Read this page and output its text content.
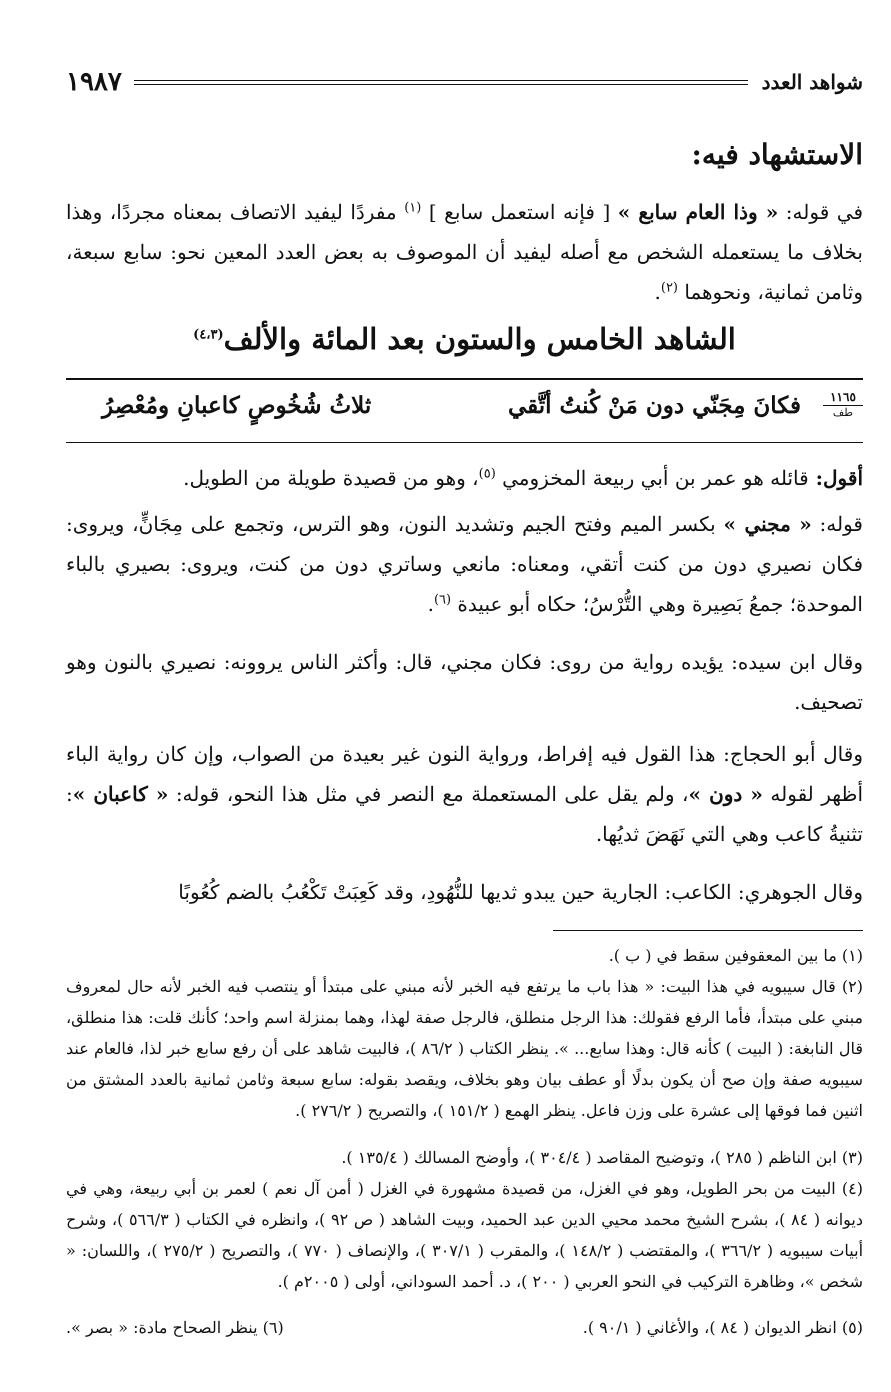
شواهد العدد
١٩٨٧
الاستشهاد فيه:
في قوله: « وذا العام سابع » [ فإنه استعمل سابع ] $^{(١)}$ مفردًا ليفيد الاتصاف بمعناه مجردًا، وهذا بخلاف ما يستعمله الشخص مع أصله ليفيد أن الموصوف به بعض العدد المعين نحو: سابع سبعة، وثامن ثمانية، ونحوهما $^{(٢)}$.
الشاهد الخامس والستون بعد المائة والألف$^{(٤،٣)}$
١١٦٥
طف
فكانَ مِجَنّي دون مَنْ كُنتُ أتَّقي
ثلاثُ شُخُوصٍ كاعبانِ ومُعْصِرُ
أقول: قائله هو عمر بن أبي ربيعة المخزومي $^{(٥)}$، وهو من قصيدة طويلة من الطويل.
قوله: « مجني » بكسر الميم وفتح الجيم وتشديد النون، وهو الترس، وتجمع على مِجَانٍّ، ويروى: فكان نصيري دون من كنت أتقي، ومعناه: مانعي وساتري دون من كنت، ويروى: بصيري بالباء الموحدة؛ جمعُ بَصِيرة وهي التُّرْسُ؛ حكاه أبو عبيدة $^{(٦)}$.
وقال ابن سيده: يؤيده رواية من روى: فكان مجني، قال: وأكثر الناس يروونه: نصيري بالنون وهو تصحيف.
وقال أبو الحجاج: هذا القول فيه إفراط، ورواية النون غير بعيدة من الصواب، وإن كان رواية الباء أظهر لقوله « دون »، ولم يقل على المستعملة مع النصر في مثل هذا النحو، قوله: « كاعبان »: تثنيةُ كاعب وهي التي نَهَضَ ثديُها.
وقال الجوهري: الكاعب: الجارية حين يبدو ثديها للنُّهُودِ، وقد كَعِبَتْ تَكْعُبُ بالضم كُعُوبًا
(١) ما بين المعقوفين سقط في ( ب ).
(٢) قال سيبويه في هذا البيت: « هذا باب ما يرتفع فيه الخبر لأنه مبني على مبتدأ أو ينتصب فيه الخبر لأنه حال لمعروف مبني على مبتدأ، فأما الرفع فقولك: هذا الرجل منطلق، فالرجل صفة لهذا، وهما بمنزلة اسم واحد؛ كأنك قلت: هذا منطلق، قال النابغة: ( البيت ) كأنه قال: وهذا سابع... ». ينظر الكتاب ( ٨٦/٢ )، فالبيت شاهد على أن رفع سابع خبر لذا، فالعام عند سيبويه صفة وإن صح أن يكون بدلًا أو عطف بيان وهو بخلاف، ويقصد بقوله: سابع سبعة وثامن ثمانية بالعدد المشتق من اثنين فما فوقها إلى عشرة على وزن فاعل. ينظر الهمع ( ١٥١/٢ )، والتصريح ( ٢٧٦/٢ ).
(٣) ابن الناظم ( ٢٨٥ )، وتوضيح المقاصد ( ٣٠٤/٤ )، وأوضح المسالك ( ١٣٥/٤ ).
(٤) البيت من بحر الطويل، وهو في الغزل، من قصيدة مشهورة في الغزل ( أمن آل نعم ) لعمر بن أبي ربيعة، وهي في ديوانه ( ٨٤ )، بشرح الشيخ محمد محيي الدين عبد الحميد، وبيت الشاهد ( ص ٩٢ )، وانظره في الكتاب ( ٥٦٦/٣ )، وشرح أبيات سيبويه ( ٣٦٦/٢ )، والمقتضب ( ١٤٨/٢ )، والمقرب ( ٣٠٧/١ )، والإنصاف ( ٧٧٠ )، والتصريح ( ٢٧٥/٢ )، واللسان: « شخص »، وظاهرة التركيب في النحو العربي ( ٢٠٠ )، د. أحمد السوداني، أولى ( ٢٠٠٥م ).
(٥) انظر الديوان ( ٨٤ )، والأغاني ( ٩٠/١ ).
(٦) ينظر الصحاح مادة: « بصر ».
